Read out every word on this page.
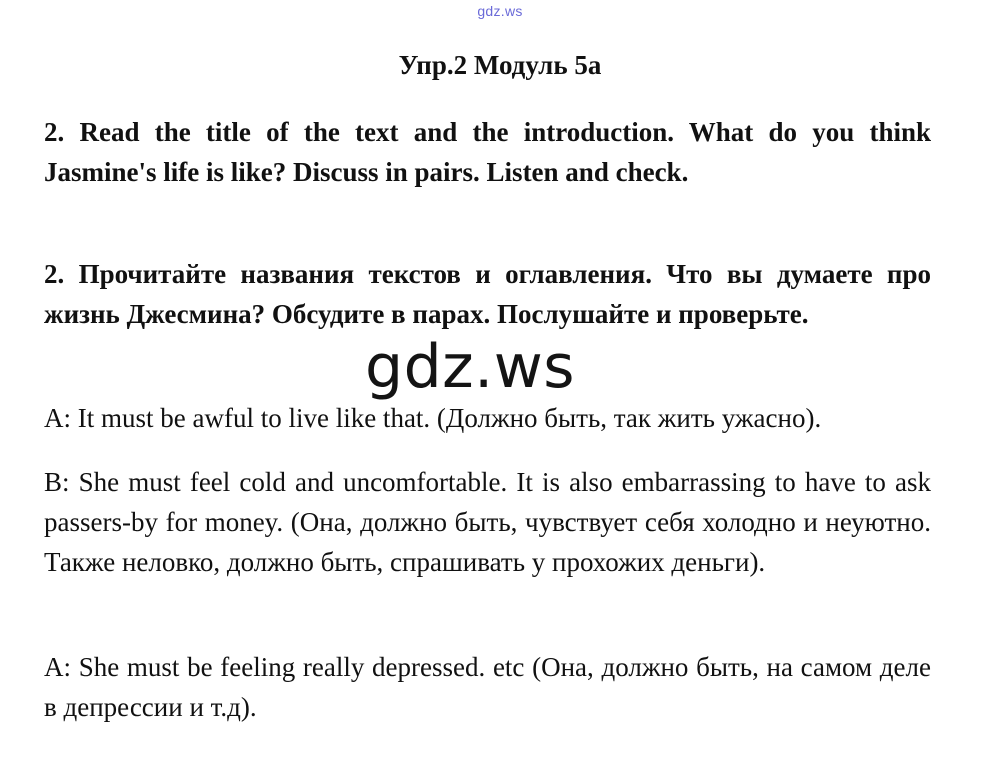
gdz.ws
Упр.2 Модуль 5а
2. Read the title of the text and the introduction. What do you think Jasmine's life is like? Discuss in pairs. Listen and check.
2. Прочитайте названия текстов и оглавления. Что вы думаете про жизнь Джесмина? Обсудите в парах. Послушайте и проверьте.
A: It must be awful to live like that. (Должно быть, так жить ужасно).
B: She must feel cold and uncomfortable. It is also embarrassing to have to ask passers-by for money. (Она, должно быть, чувствует себя холодно и неуютно. Также неловко, должно быть, спрашивать у прохожих деньги).
A: She must be feeling really depressed. etc (Она, должно быть, на самом деле в депрессии и т.д).
gdz.ws
